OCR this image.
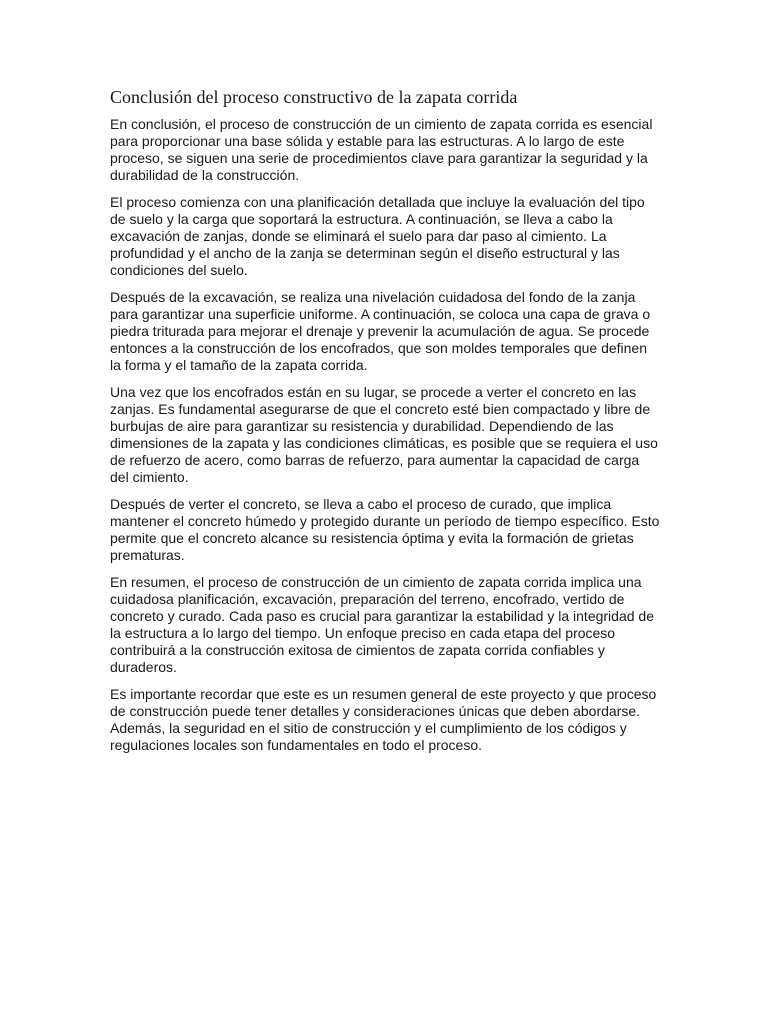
Conclusión del proceso constructivo de la zapata corrida

En conclusión, el proceso de construcción de un cimiento de zapata corrida es esencial para proporcionar una base sólida y estable para las estructuras. A lo largo de este proceso, se siguen una serie de procedimientos clave para garantizar la seguridad y la durabilidad de la construcción.

El proceso comienza con una planificación detallada que incluye la evaluación del tipo de suelo y la carga que soportará la estructura. A continuación, se lleva a cabo la excavación de zanjas, donde se eliminará el suelo para dar paso al cimiento. La profundidad y el ancho de la zanja se determinan según el diseño estructural y las condiciones del suelo.

Después de la excavación, se realiza una nivelación cuidadosa del fondo de la zanja para garantizar una superficie uniforme. A continuación, se coloca una capa de grava o piedra triturada para mejorar el drenaje y prevenir la acumulación de agua. Se procede entonces a la construcción de los encofrados, que son moldes temporales que definen la forma y el tamaño de la zapata corrida.

Una vez que los encofrados están en su lugar, se procede a verter el concreto en las zanjas. Es fundamental asegurarse de que el concreto esté bien compactado y libre de burbujas de aire para garantizar su resistencia y durabilidad. Dependiendo de las dimensiones de la zapata y las condiciones climáticas, es posible que se requiera el uso de refuerzo de acero, como barras de refuerzo, para aumentar la capacidad de carga del cimiento.

Después de verter el concreto, se lleva a cabo el proceso de curado, que implica mantener el concreto húmedo y protegido durante un período de tiempo específico. Esto permite que el concreto alcance su resistencia óptima y evita la formación de grietas prematuras.

En resumen, el proceso de construcción de un cimiento de zapata corrida implica una cuidadosa planificación, excavación, preparación del terreno, encofrado, vertido de concreto y curado. Cada paso es crucial para garantizar la estabilidad y la integridad de la estructura a lo largo del tiempo. Un enfoque preciso en cada etapa del proceso contribuirá a la construcción exitosa de cimientos de zapata corrida confiables y duraderos.

Es importante recordar que este es un resumen general de este proyecto y que proceso de construcción puede tener detalles y consideraciones únicas que deben abordarse. Además, la seguridad en el sitio de construcción y el cumplimiento de los códigos y regulaciones locales son fundamentales en todo el proceso.
